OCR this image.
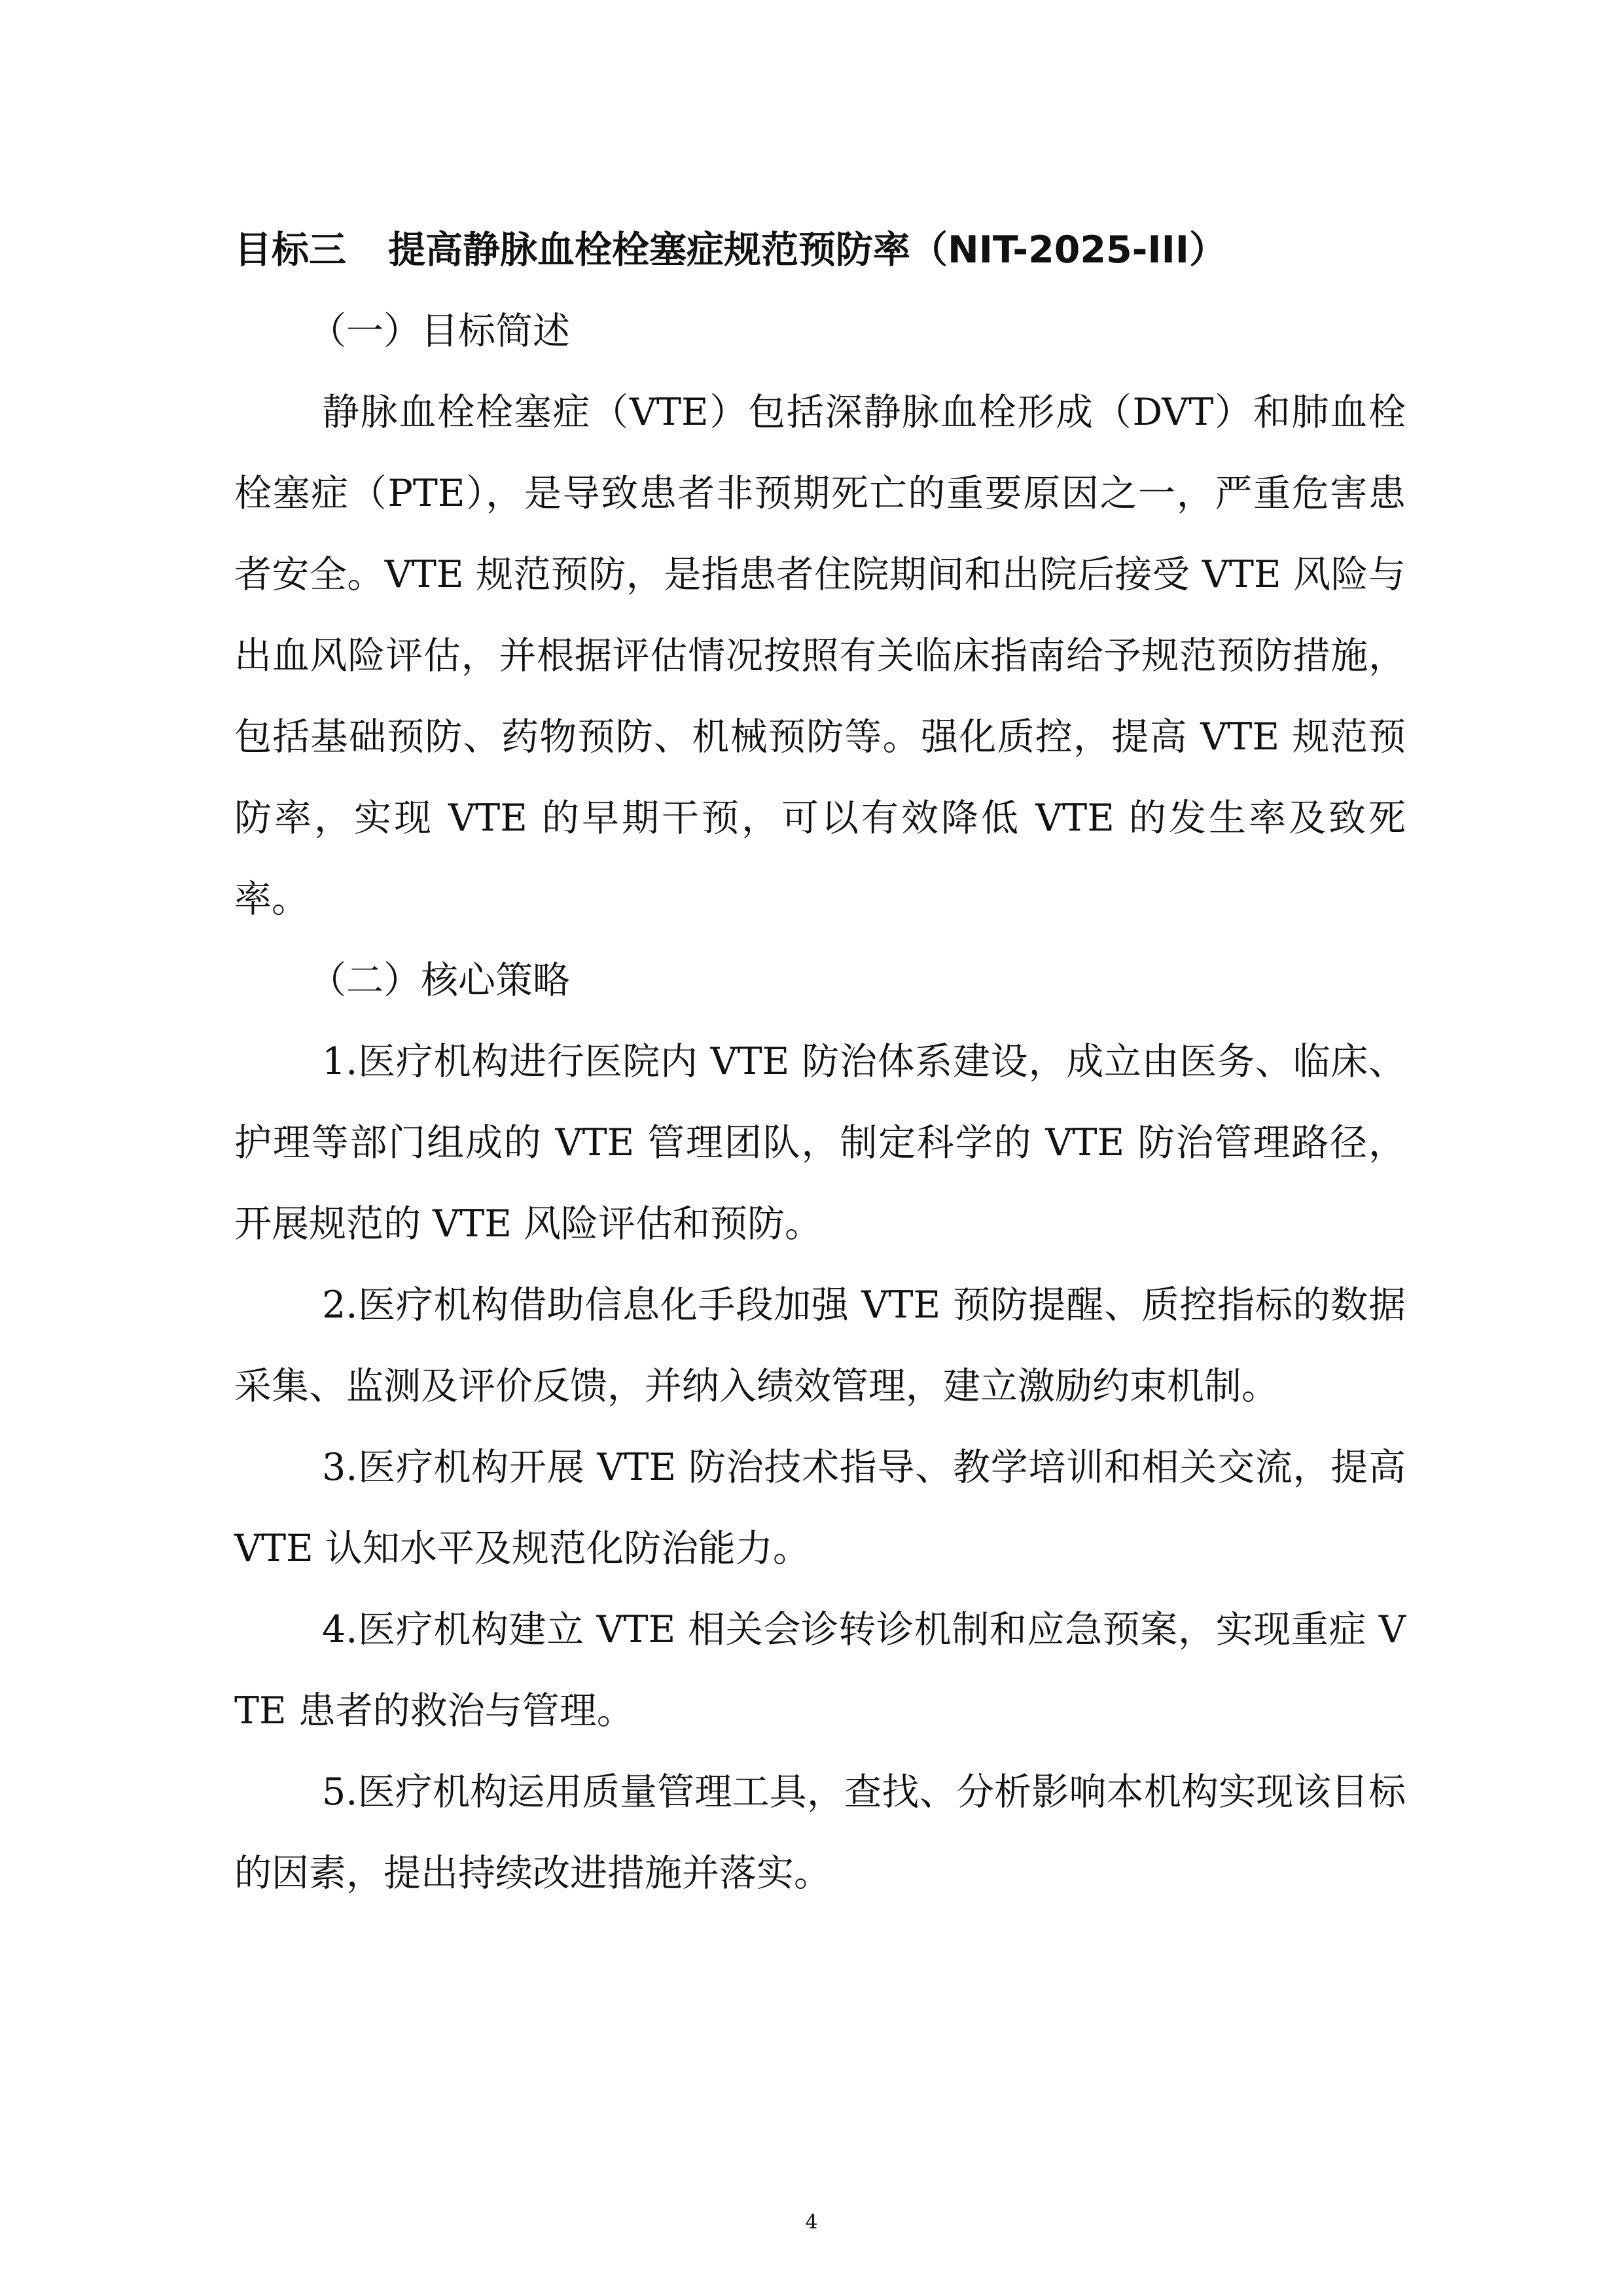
目标三 提高静脉血栓栓塞症规范预防率（NIT-2025-III）

（一）目标简述

静脉血栓栓塞症（VTE）包括深静脉血栓形成（DVT）和肺血栓栓塞症（PTE），是导致患者非预期死亡的重要原因之一，严重危害患者安全。VTE 规范预防，是指患者住院期间和出院后接受 VTE 风险与出血风险评估，并根据评估情况按照有关临床指南给予规范预防措施，包括基础预防、药物预防、机械预防等。强化质控，提高 VTE 规范预防率，实现 VTE 的早期干预，可以有效降低 VTE 的发生率及致死率。

（二）核心策略

1.医疗机构进行医院内 VTE 防治体系建设，成立由医务、临床、护理等部门组成的 VTE 管理团队，制定科学的 VTE 防治管理路径，开展规范的 VTE 风险评估和预防。

2.医疗机构借助信息化手段加强 VTE 预防提醒、质控指标的数据采集、监测及评价反馈，并纳入绩效管理，建立激励约束机制。

3.医疗机构开展 VTE 防治技术指导、教学培训和相关交流，提高 VTE 认知水平及规范化防治能力。

4.医疗机构建立 VTE 相关会诊转诊机制和应急预案，实现重症 VTE 患者的救治与管理。

5.医疗机构运用质量管理工具，查找、分析影响本机构实现该目标的因素，提出持续改进措施并落实。

4
